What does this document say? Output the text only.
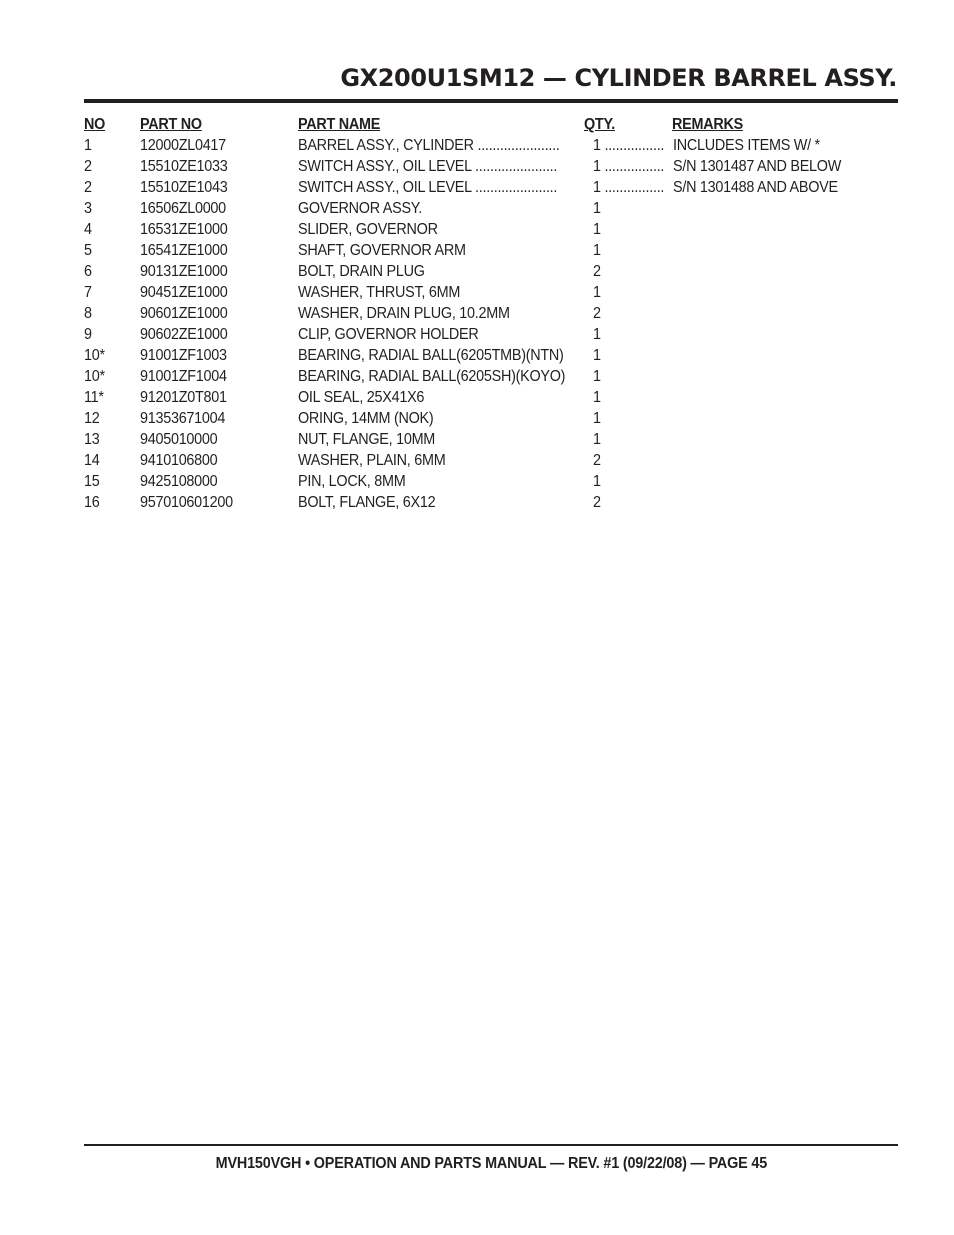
GX200U1SM12 — CYLINDER BARREL ASSY.
NO PART NO	PART NAME	QTY.	REMARKS
1	12000ZL0417	BARREL ASSY., CYLINDER ...................... 1 ................ INCLUDES ITEMS W/ *
2	15510ZE1033	SWITCH ASSY., OIL LEVEL ...................... 1 ................ S/N 1301487 AND BELOW
2	15510ZE1043	SWITCH ASSY., OIL LEVEL ...................... 1 ................ S/N 1301488 AND ABOVE
3	16506ZL0000	GOVERNOR ASSY.	1
4	16531ZE1000	SLIDER, GOVERNOR	1
5	16541ZE1000	SHAFT, GOVERNOR ARM	1
6	90131ZE1000	BOLT, DRAIN PLUG	2
7	90451ZE1000	WASHER, THRUST, 6MM	1
8	90601ZE1000	WASHER, DRAIN PLUG, 10.2MM	2
9	90602ZE1000	CLIP, GOVERNOR HOLDER	1
10* 91001ZF1003	BEARING, RADIAL BALL(6205TMB)(NTN) 1
10* 91001ZF1004	BEARING, RADIAL BALL(6205SH)(KOYO) 1
11* 91201Z0T801	OIL SEAL, 25X41X6	1
12	91353671004	ORING, 14MM (NOK)	1
13	9405010000	NUT, FLANGE, 10MM	1
14	9410106800	WASHER, PLAIN, 6MM	2
15	9425108000	PIN, LOCK, 8MM	1
16	957010601200	BOLT, FLANGE, 6X12	2
MVH150VGH • OPERATION AND PARTS MANUAL — REV. #1 (09/22/08) — PAGE 45
